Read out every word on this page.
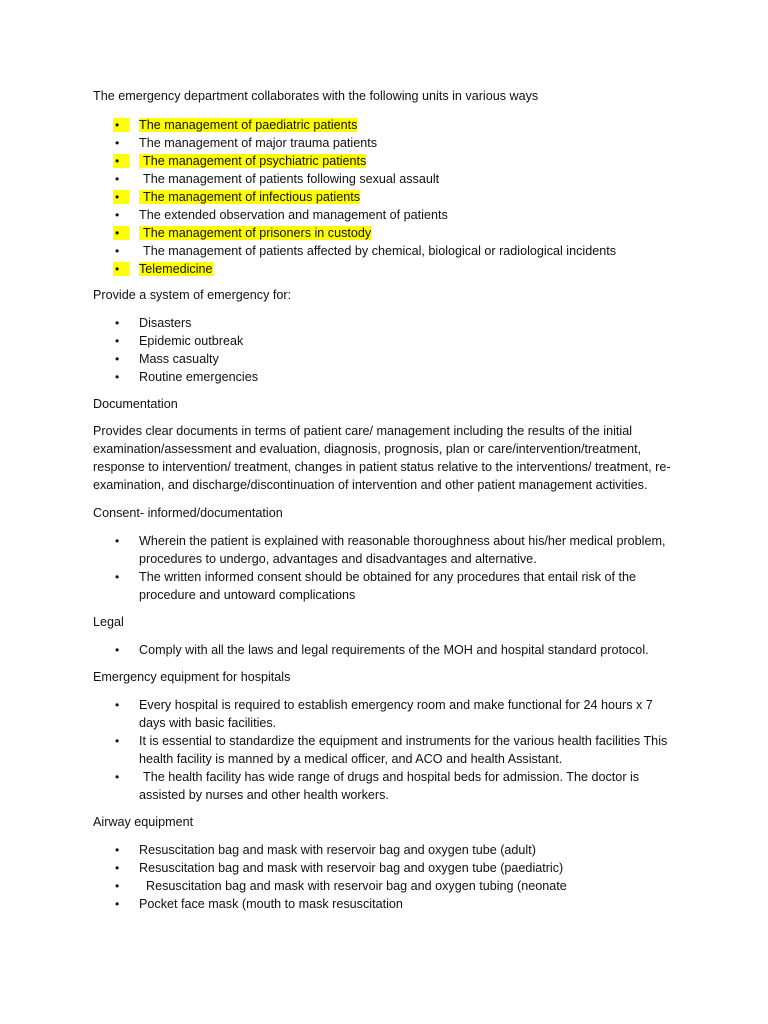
The emergency department collaborates with the following units in various ways

•
The management of paediatric patients
•
The management of major trauma patients
•
The management of psychiatric patients
•
The management of patients following sexual assault
•
The management of infectious patients
•
The extended observation and management of patients
•
The management of prisoners in custody
•
The management of patients affected by chemical, biological or radiological incidents
•
Telemedicine

Provide a system of emergency for:

•
Disasters
•
Epidemic outbreak
•
Mass casualty
•
Routine emergencies

Documentation

Provides clear documents in terms of patient care/ management including the results of the initial examination/assessment and evaluation, diagnosis, prognosis, plan or care/intervention/treatment, response to intervention/ treatment, changes in patient status relative to the interventions/ treatment, re-examination, and discharge/discontinuation of intervention and other patient management activities.

Consent- informed/documentation

•
Wherein the patient is explained with reasonable thoroughness about his/her medical problem, procedures to undergo, advantages and disadvantages and alternative.
•
The written informed consent should be obtained for any procedures that entail risk of the procedure and untoward complications

Legal

•
Comply with all the laws and legal requirements of the MOH and hospital standard protocol.

Emergency equipment for hospitals

•
Every hospital is required to establish emergency room and make functional for 24 hours x 7 days with basic facilities.
•
It is essential to standardize the equipment and instruments for the various health facilities This health facility is manned by a medical officer, and ACO and health Assistant.
•
The health facility has wide range of drugs and hospital beds for admission. The doctor is assisted by nurses and other health workers.

Airway equipment

•
Resuscitation bag and mask with reservoir bag and oxygen tube (adult)
•
Resuscitation bag and mask with reservoir bag and oxygen tube (paediatric)
•
Resuscitation bag and mask with reservoir bag and oxygen tubing (neonate
•
Pocket face mask (mouth to mask resuscitation
